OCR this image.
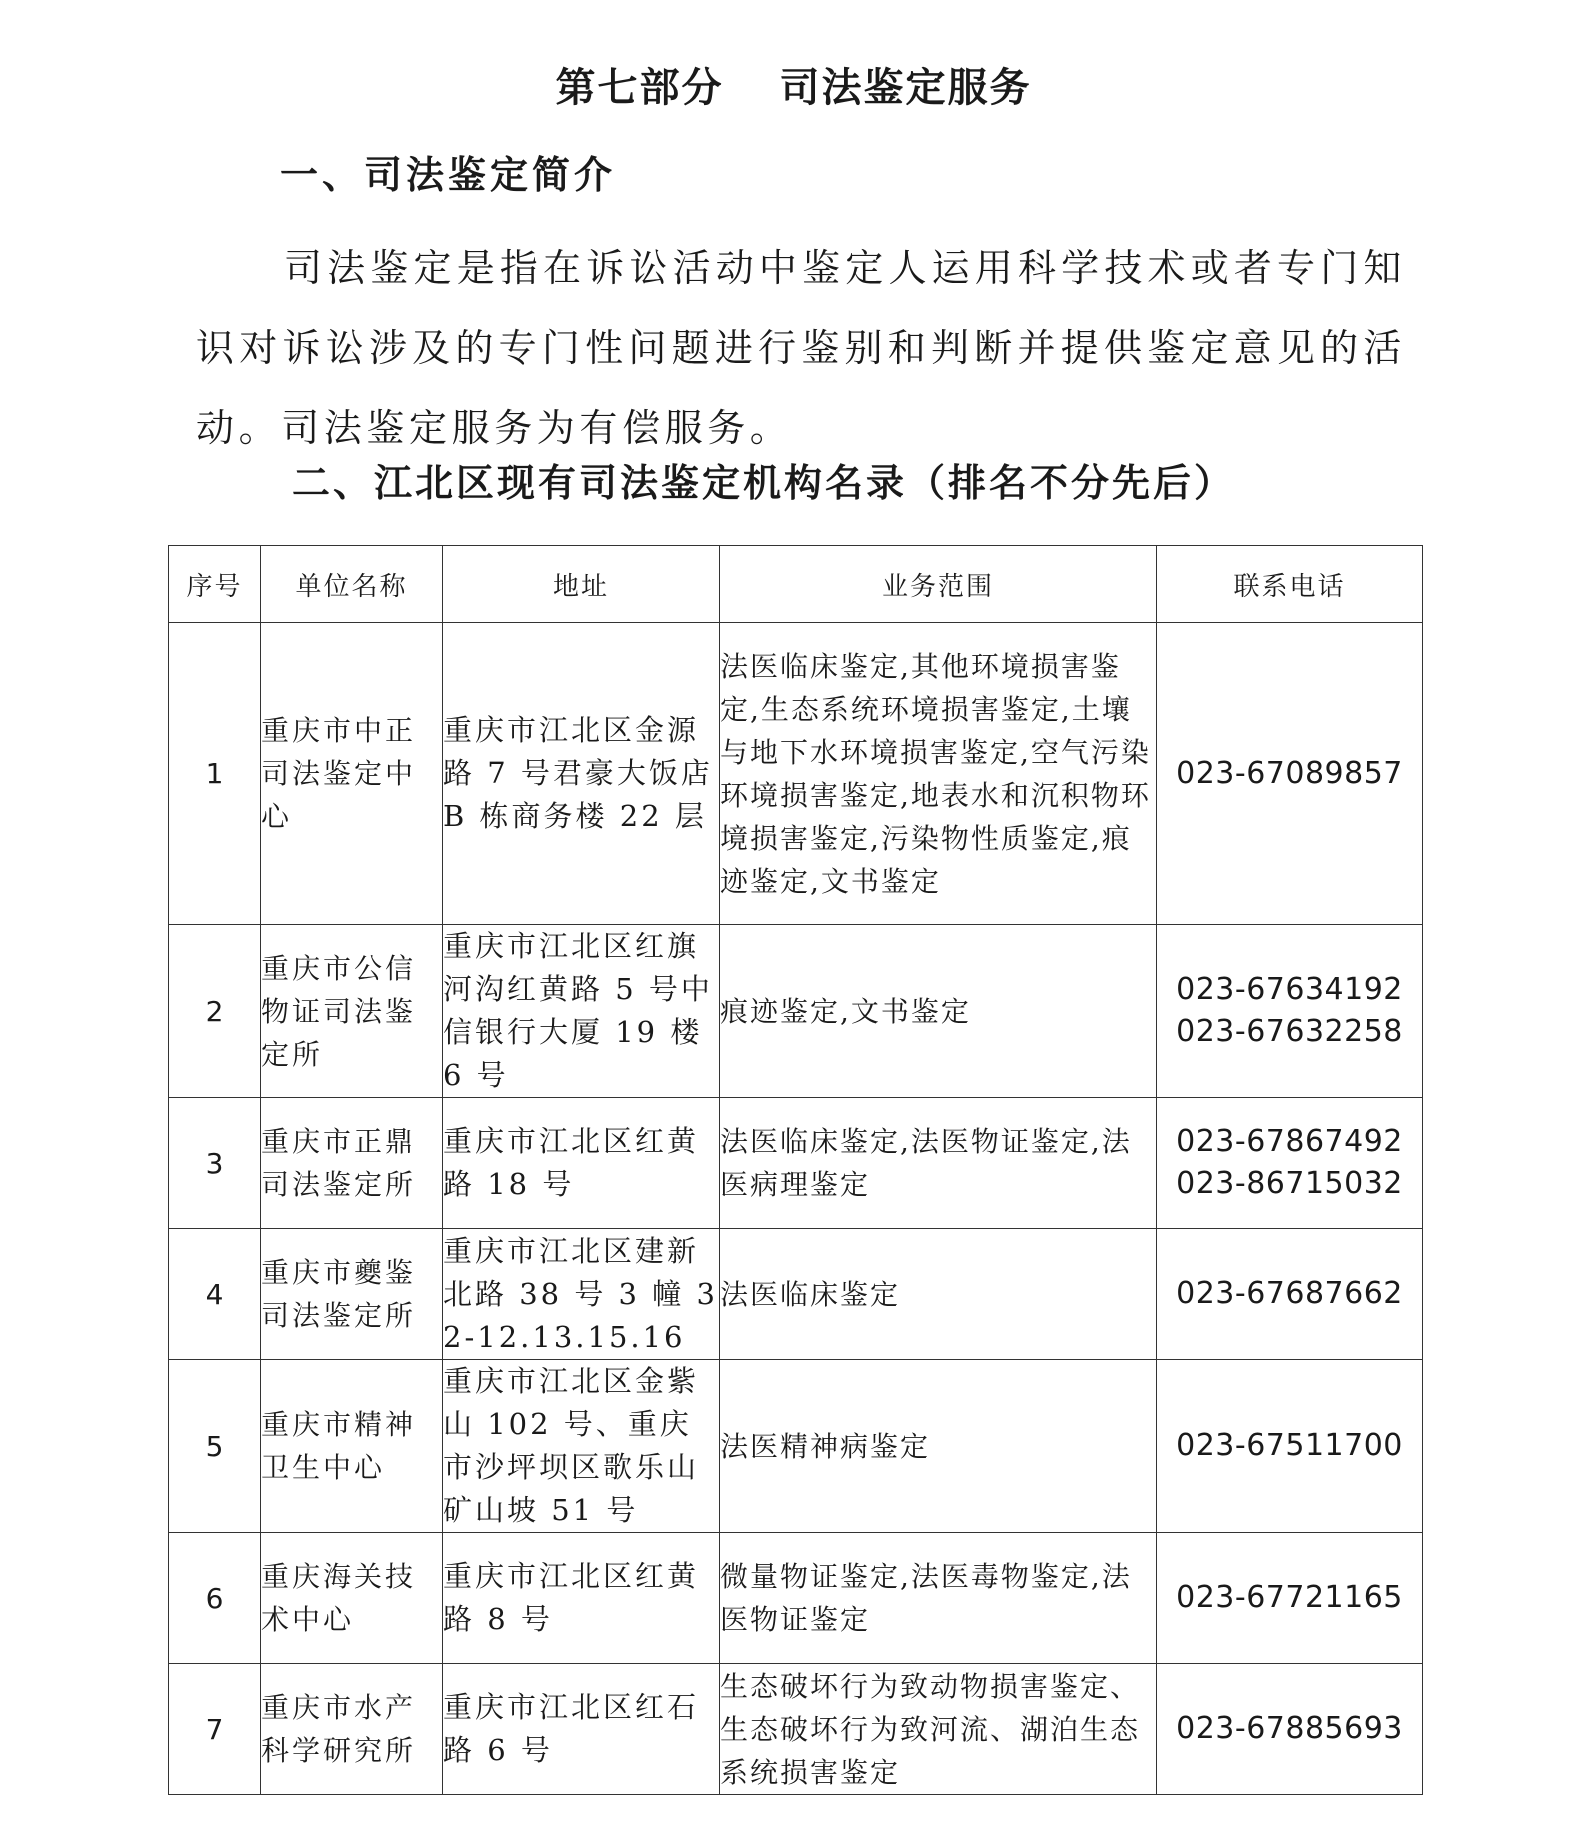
第七部分 司法鉴定服务
一、司法鉴定简介

司法鉴定是指在诉讼活动中鉴定人运用科学技术或者专门知识对诉讼涉及的专门性问题进行鉴别和判断并提供鉴定意见的活动。司法鉴定服务为有偿服务。

二、江北区现有司法鉴定机构名录（排名不分先后）
序号	单位名称	地址	业务范围	联系电话
1	重庆市中正司法鉴定中心	重庆市江北区金源路 7 号君豪大饭店 B 栋商务楼 22 层	法医临床鉴定,其他环境损害鉴定,生态系统环境损害鉴定,土壤与地下水环境损害鉴定,空气污染环境损害鉴定,地表水和沉积物环境损害鉴定,污染物性质鉴定,痕迹鉴定,文书鉴定	023-67089857

2	重庆市公信物证司法鉴定所	重庆市江北区红旗河沟红黄路 5 号中信银行大厦 19 楼 6 号	痕迹鉴定,文书鉴定	023-67634192
023-67632258

3	重庆市正鼎司法鉴定所	重庆市江北区红黄路 18 号	法医临床鉴定,法医物证鉴定,法医病理鉴定	023-67867492
023-86715032

4	重庆市夔鉴司法鉴定所	重庆市江北区建新北路 38 号 3 幢 32-12.13.15.16	法医临床鉴定	023-67687662

5	重庆市精神卫生中心	重庆市江北区金紫山 102 号、重庆市沙坪坝区歌乐山矿山坡 51 号	法医精神病鉴定	023-67511700

6	重庆海关技术中心	重庆市江北区红黄路 8 号	微量物证鉴定,法医毒物鉴定,法医物证鉴定	023-67721165

7	重庆市水产科学研究所	重庆市江北区红石路 6 号	生态破坏行为致动物损害鉴定、生态破坏行为致河流、湖泊生态系统损害鉴定	023-67885693
